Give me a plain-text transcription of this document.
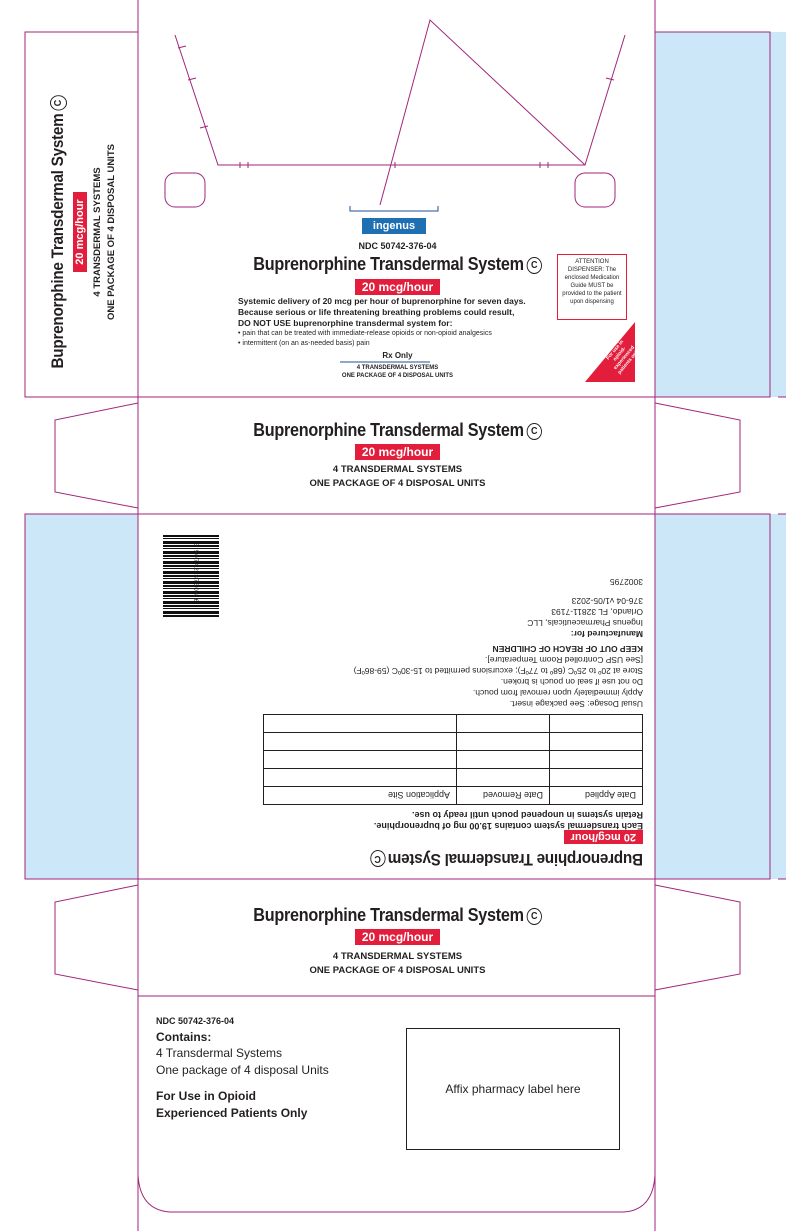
Buprenorphine Transdermal SystemC
20 mcg/hour 4 TRANSDERMAL SYSTEMS ONE PACKAGE OF 4 DISPOSAL UNITS	ingenus
NDC 50742-376-04
Buprenorphine Transdermal System C
20 mcg/hour
Systemic delivery of 20 mcg per hour of buprenorphine for seven days.
Because serious or life threatening breathing problems could result,
DO NOT USE buprenorphine transdermal system for:
• pain that can be treated with immediate-release opioids or non-opioid analgesics
• intermittent (on an as-needed basis) pain
Rx Only
4 TRANSDERMAL SYSTEMS
ONE PACKAGE OF 4 DISPOSAL UNITS
ATTENTION DISPENSER: The enclosed Medication Guide MUST be provided to the patient upon dispensing
For use in opioid-experienced patients only
Buprenorphine Transdermal System C
20 mcg/hour
4 TRANSDERMAL SYSTEMS
ONE PACKAGE OF 4 DISPOSAL UNITS
Buprenorphine Transdermal SystemC
20 mcg/hour
Each transdermal system contains 19.00 mg of buprenorphine.
Retain systems in unopened pouch until ready to use.
Date Applied	Date Removed	Application Site

Usual Dosage: See package insert.
Apply immediately upon removal from pouch.
Do not use if seal on pouch is broken.
Store at 20º to 25ºC (68º to 77ºF); excursions permitted to 15-30ºC (59-86ºF)
[See USP Controlled Room Temperature].
KEEP OUT OF REACH OF CHILDREN
Manufactured for:
Ingenus Pharmaceuticals, LLC
Orlando, FL 32811-7193
376-04 v1/05-2023
3002795
3 50742 37604 6
Buprenorphine Transdermal System C
20 mcg/hour
4 TRANSDERMAL SYSTEMS
ONE PACKAGE OF 4 DISPOSAL UNITS
NDC 50742-376-04
Contains:
4 Transdermal Systems
One package of 4 disposal Units
For Use in Opioid
Experienced Patients Only
Affix pharmacy label here
